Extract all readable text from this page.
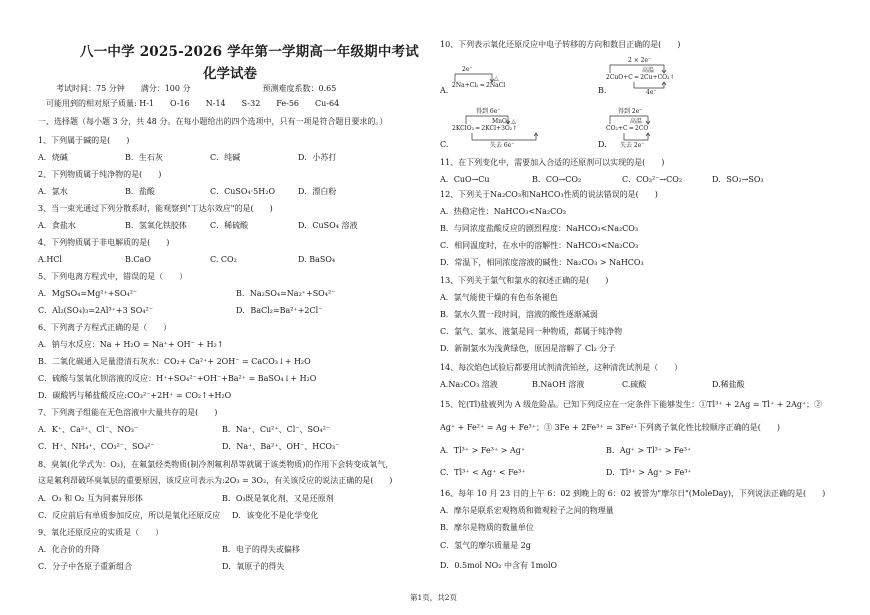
八一中学 2025-2026 学年第一学期高一年级期中考试
化学试卷
考试时间：75 分钟　　满分：100 分　　　　　　　　　预测难度系数：0.65
可能用到的相对原子质量: H-1　　O-16　　N-14　　S-32　　Fe-56　　Cu-64
一、选择题（每小题 3 分，共 48 分。在每小题给出的四个选项中，只有一项是符合题目要求的。）
1、下列属于碱的是(　　)
A．烧碱	B．生石灰	C．纯碱	D．小苏打
2、下列物质属于纯净物的是(　　)
A．氯水	B．盐酸	C．CuSO₄·5H₂O	D．漂白粉
3、当一束光通过下列分散系时，能观察到"丁达尔效应"的是(　　)
A．食盐水	B．氢氧化铁胶体	C．稀硫酸	D．CuSO₄ 溶液
4、下列物质属于非电解质的是(　　)
A.HCl	B.CaO	C. CO₂	D. BaSO₄
5、下列电离方程式中，错误的是（　　）
A．MgSO₄=Mg²⁺+SO₄²⁻	B．Na₂SO₄=Na₂⁺+SO₄²⁻
C．Al₂(SO₄)₃=2Al³⁺+3 SO₄²⁻	D．BaCl₂=Ba²⁺+2Cl⁻
6、下列离子方程式正确的是（　　）
A．钠与水反应：Na + H₂O = Na⁺+ OH⁻ + H₂↑
B．二氧化碳通入足量澄清石灰水：CO₂+ Ca²⁺+ 2OH⁻ = CaCO₃↓+ H₂O
C．硫酸与氢氧化钡溶液的反应：H⁺+SO₄²⁻+OH⁻+Ba²⁺ = BaSO₄↓+ H₂O
D．碳酸钙与稀盐酸反应:CO₃²⁻+2H⁺ = CO₂↑+H₂O
7、下列离子组能在无色溶液中大量共存的是(　　)
A．K⁺、Ca²⁺、Cl⁻、NO₃⁻	B．Na⁺、Cu²⁺、Cl⁻、SO₄²⁻
C．H⁺、NH₄⁺、CO₃²⁻、SO₄²⁻	D．Na⁺、Ba²⁺、OH⁻、HCO₃⁻
8、臭氧(化学式为：O₃)，在氟氯烃类物质(制冷剂氟利昂等就属于该类物质)的作用下会转变成氧气，
这是氟利昂破坏臭氧层的重要原因，该反应可表示为:2O₃ = 3O₂，有关该反应的说法正确的是(　　)
A．O₃ 和 O₂ 互为同素异形体	B．O₃既是氧化剂，又是还原剂
C．反应前后有单质参加反应，所以是氧化还原反应 D．该变化不是化学变化
9、氧化还原反应的实质是（　　）
A．化合价的升降	B．电子的得失或偏移
C．分子中各原子重新组合	D．氧原子的得失
10、下列表示氧化还原反应中电子转移的方向和数目正确的是(　　)
A.
2e⁻
△
2Na+Cl₂ ═ 2NaCl
B.
2 × 2e⁻
高温
2CuO+C ═ 2Cu+CO₂↑
4e⁻
C.
得到 6e⁻
MnO₂ △
2KClO₃ ═ 2KCl+3O₂↑
失去 6e⁻	D.
得到 2e⁻
高温
CO₂+C ═ 2CO
失去 2e⁻
11、在下列变化中，需要加入合适的还原剂可以实现的是(　　)
A．CuO→Cu	B．CO→CO₂	C．CO₃²⁻→CO₂	D．SO₂→SO₃
12、下列关于Na₂CO₃和NaHCO₃性质的说法错误的是(　　)
A．热稳定性：NaHCO₃<Na₂CO₃
B．与同浓度盐酸反应的剧烈程度：NaHCO₃<Na₂CO₃
C．相同温度时，在水中的溶解性：NaHCO₃<Na₂CO₃
D．常温下，相同浓度溶液的碱性：Na₂CO₃ > NaHCO₃
13、下列关于氯气和氯水的叙述正确的是(　　)
A．氯气能使干燥的有色布条褪色
B．氯水久置一段时间，溶液的酸性逐渐减弱
C．氯气、氯水、液氯是同一种物质，都属于纯净物
D．新制氯水为浅黄绿色，原因是溶解了 Cl₂ 分子
14、每次焰色试验后都要用试剂清洗铂丝，这种清洗试剂是（　　）
A.Na₂CO₃ 溶液	B.NaOH 溶液	C.硫酸	D.稀盐酸
15、铊(Tl)盐被列为 A 级危险品。已知下列反应在一定条件下能够发生：①Tl³⁺ + 2Ag = Tl⁺ + 2Ag⁺；②
Ag⁺ + Fe²⁺ = Ag + Fe³⁺；③ 3Fe + 2Fe³⁺ = 3Fe²⁺下列离子氧化性比较顺序正确的是(　　)
A．Tl³⁺ > Fe³⁺ > Ag⁺	B．Ag⁺ > Tl³⁺ > Fe³⁺
C．Tl³⁺ < Ag⁺ < Fe³⁺	D．Tl³⁺ > Ag⁺ > Fe³⁺
16、每年 10 月 23 日的上午 6：02 到晚上的 6：02 被誉为"摩尔日"(MoleDay)，下列说法正确的是(　　)
A．摩尔是联系宏观物质和微观粒子之间的物理量
B．摩尔是物质的数量单位
C．氢气的摩尔质量是 2g
D．0.5mol NO₂ 中含有 1molO
第1页，共2页
